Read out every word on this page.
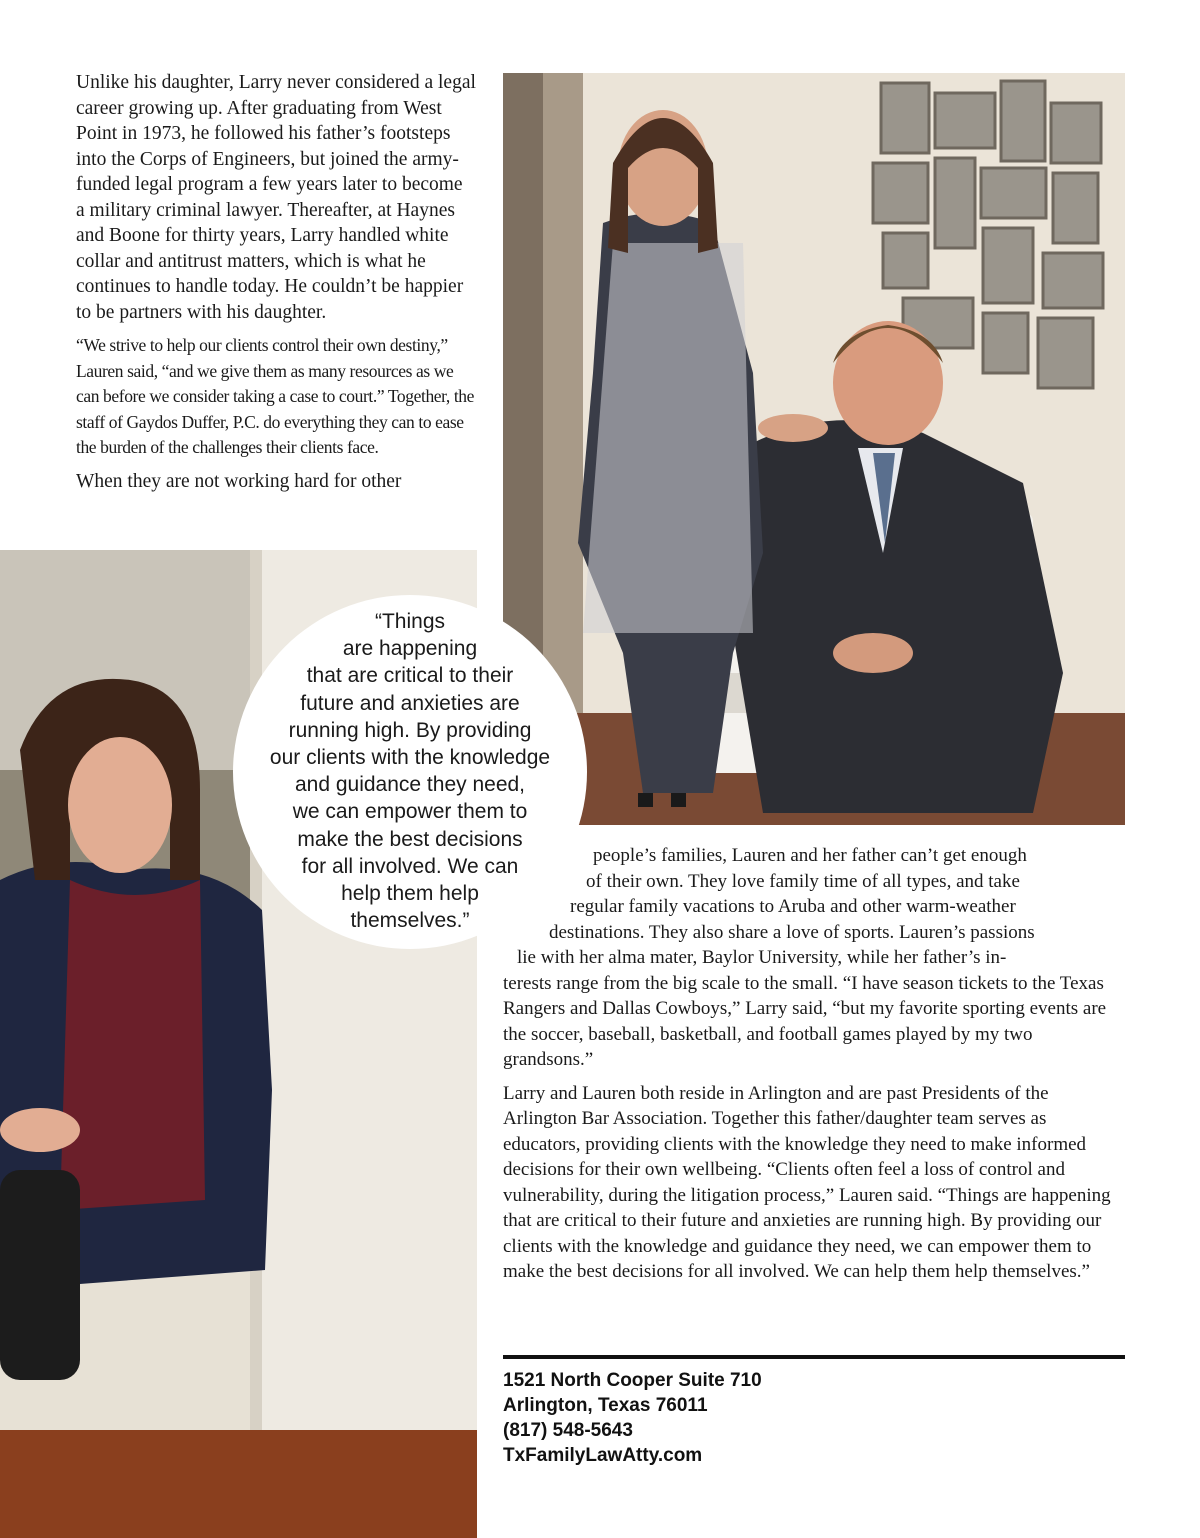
Unlike his daughter, Larry never considered a legal career growing up. After graduating from West Point in 1973, he followed his father’s footsteps into the Corps of Engineers, but joined the army-funded legal program a few years later to become a military criminal lawyer. Thereafter, at Haynes and Boone for thirty years, Larry handled white collar and antitrust matters, which is what he continues to handle today. He couldn’t be happier to be partners with his daughter.

“We strive to help our clients control their own destiny,” Lauren said, “and we give them as many resources as we can before we consider taking a case to court.” Together, the staff of Gaydos Duffer, P.C. do everything they can to ease the burden of the challenges their clients face.

When they are not working hard for other

“Things
are happening
that are critical to their
future and anxieties are
running high. By providing
our clients with the knowledge
and guidance they need,
we can empower them to
make the best decisions
for all involved. We can
help them help
themselves.”
people’s families, Lauren and her father can’t get enough
of their own. They love family time of all types, and take
regular family vacations to Aruba and other warm-weather
destinations. They also share a love of sports. Lauren’s passions
lie with her alma mater, Baylor University, while her father’s in-
terests range from the big scale to the small. “I have season tickets to the Texas Rangers and Dallas Cowboys,” Larry said, “but my favorite sporting events are the soccer, baseball, basketball, and football games played by my two grandsons.”
Larry and Lauren both reside in Arlington and are past Presidents of the Arlington Bar Association. Together this father/daughter team serves as educators, providing clients with the knowledge they need to make informed decisions for their own wellbeing. “Clients often feel a loss of control and vulnerability, during the litigation process,” Lauren said. “Things are happening that are critical to their future and anxieties are running high. By providing our clients with the knowledge and guidance they need, we can empower them to make the best decisions for all involved. We can help them help themselves.”
1521 North Cooper Suite 710
Arlington, Texas 76011
(817) 548-5643
TxFamilyLawAtty.com
